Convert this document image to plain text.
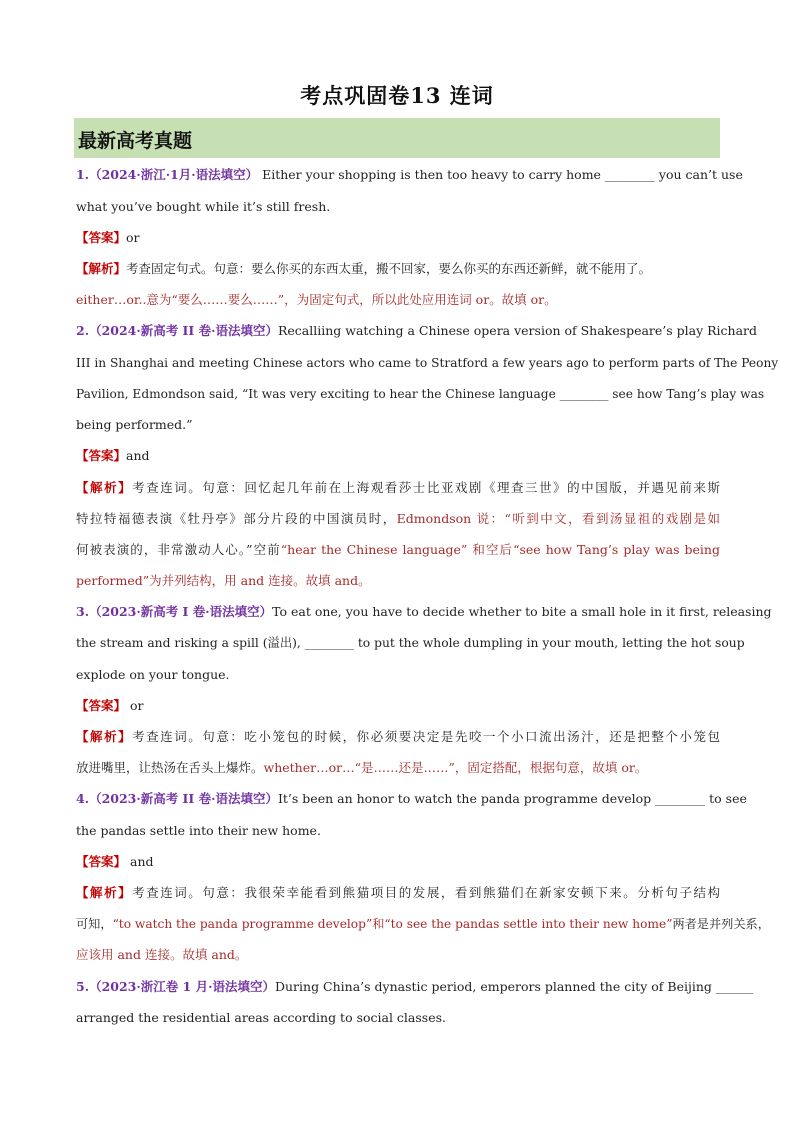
考点巩固卷13 连词
最新高考真题
1.（2024·浙江·1月·语法填空） Either your shopping is then too heavy to carry home ________ you can’t use
what you’ve bought while it’s still fresh.
【答案】or
【解析】考查固定句式。句意：要么你买的东西太重，搬不回家，要么你买的东西还新鲜，就不能用了。
either…or..意为“要么……要么……”，为固定句式，所以此处应用连词 or。故填 or。
2.（2024·新高考 II 卷·语法填空）Recalliing watching a Chinese opera version of Shakespeare’s play Richard
III in Shanghai and meeting Chinese actors who came to Stratford a few years ago to perform parts of The Peony
Pavilion, Edmondson said, “It was very exciting to hear the Chinese language ________ see how Tang’s play was
being performed.”
【答案】and
【解析】考查连词。句意：回忆起几年前在上海观看莎士比亚戏剧《理查三世》的中国版，并遇见前来斯
特拉特福德表演《牡丹亭》部分片段的中国演员时，Edmondson 说：“听到中文，看到汤显祖的戏剧是如
何被表演的，非常激动人心。”空前“hear the Chinese language” 和空后“see how Tang’s play was being
performed”为并列结构，用 and 连接。故填 and。
3.（2023·新高考 I 卷·语法填空）To eat one, you have to decide whether to bite a small hole in it first, releasing
the stream and risking a spill (溢出), ________ to put the whole dumpling in your mouth, letting the hot soup
explode on your tongue.
【答案】 or
【解析】考查连词。句意：吃小笼包的时候，你必须要决定是先咬一个小口流出汤汁，还是把整个小笼包
放进嘴里，让热汤在舌头上爆炸。whether…or…“是……还是……”，固定搭配，根据句意，故填 or。
4.（2023·新高考 II 卷·语法填空）It’s been an honor to watch the panda programme develop ________ to see
the pandas settle into their new home.
【答案】 and
【解析】考查连词。句意：我很荣幸能看到熊猫项目的发展，看到熊猫们在新家安顿下来。分析句子结构
可知，“to watch the panda programme develop”和“to see the pandas settle into their new home”两者是并列关系，
应该用 and 连接。故填 and。
5.（2023·浙江卷 1 月·语法填空）During China’s dynastic period, emperors planned the city of Beijing ______
arranged the residential areas according to social classes.
